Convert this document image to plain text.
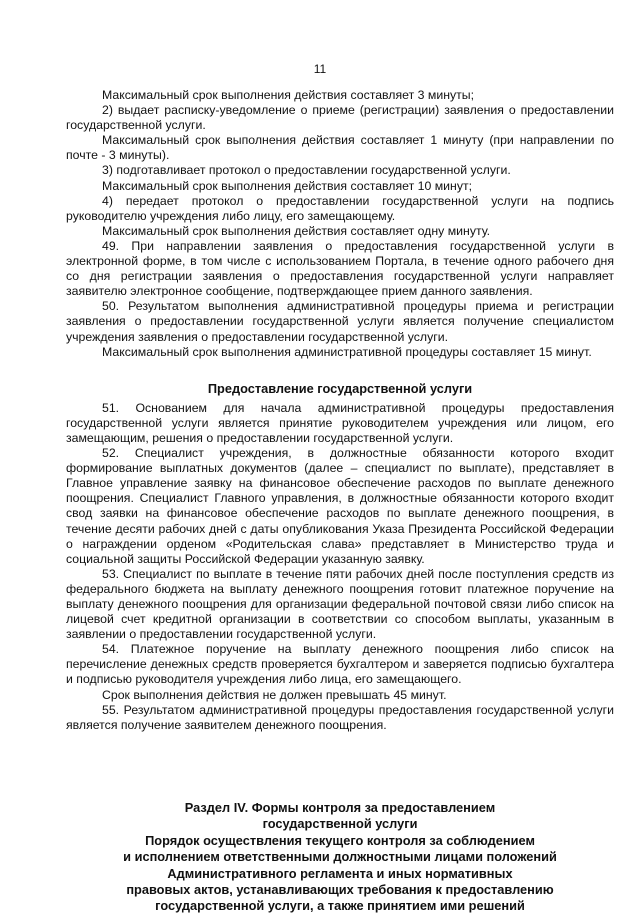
11

Максимальный срок выполнения действия составляет 3 минуты;

2) выдает расписку-уведомление о приеме (регистрации) заявления о предоставлении государственной услуги.

Максимальный срок выполнения действия составляет 1 минуту (при направлении по почте - 3 минуты).

3) подготавливает протокол о предоставлении государственной услуги.

Максимальный срок выполнения действия составляет 10 минут;

4) передает протокол о предоставлении государственной услуги на подпись руководителю учреждения либо лицу, его замещающему.

Максимальный срок выполнения действия составляет одну минуту.

49. При направлении заявления о предоставления государственной услуги в электронной форме, в том числе с использованием Портала, в течение одного рабочего дня со дня регистрации заявления о предоставления государственной услуги направляет заявителю электронное сообщение, подтверждающее прием данного заявления.

50. Результатом выполнения административной процедуры приема и регистрации заявления о предоставлении государственной услуги является получение специалистом учреждения заявления о предоставлении государственной услуги.

Максимальный срок выполнения административной процедуры составляет 15 минут.

Предоставление государственной услуги

51. Основанием для начала административной процедуры предоставления государственной услуги является принятие руководителем учреждения или лицом, его замещающим, решения о предоставлении государственной услуги.

52. Специалист учреждения, в должностные обязанности которого входит формирование выплатных документов (далее – специалист по выплате), представляет в Главное управление заявку на финансовое обеспечение расходов по выплате денежного поощрения. Специалист Главного управления, в должностные обязанности которого входит свод заявки на финансовое обеспечение расходов по выплате денежного поощрения, в течение десяти рабочих дней с даты опубликования Указа Президента Российской Федерации о награждении орденом «Родительская слава» представляет в Министерство труда и социальной защиты Российской Федерации указанную заявку.

53. Специалист по выплате в течение пяти рабочих дней после поступления средств из федерального бюджета на выплату денежного поощрения готовит платежное поручение на выплату денежного поощрения для организации федеральной почтовой связи либо список на лицевой счет кредитной организации в соответствии со способом выплаты, указанным в заявлении о предоставлении государственной услуги.

54. Платежное поручение на выплату денежного поощрения либо список на перечисление денежных средств проверяется бухгалтером и заверяется подписью бухгалтера и подписью руководителя учреждения либо лица, его замещающего.

Срок выполнения действия не должен превышать 45 минут.

55. Результатом административной процедуры предоставления государственной услуги является получение заявителем денежного поощрения.

Раздел IV. Формы контроля за предоставлением
государственной услуги
Порядок осуществления текущего контроля за соблюдением
и исполнением ответственными должностными лицами положений
Административного регламента и иных нормативных
правовых актов, устанавливающих требования к предоставлению
государственной услуги, а также принятием ими решений
